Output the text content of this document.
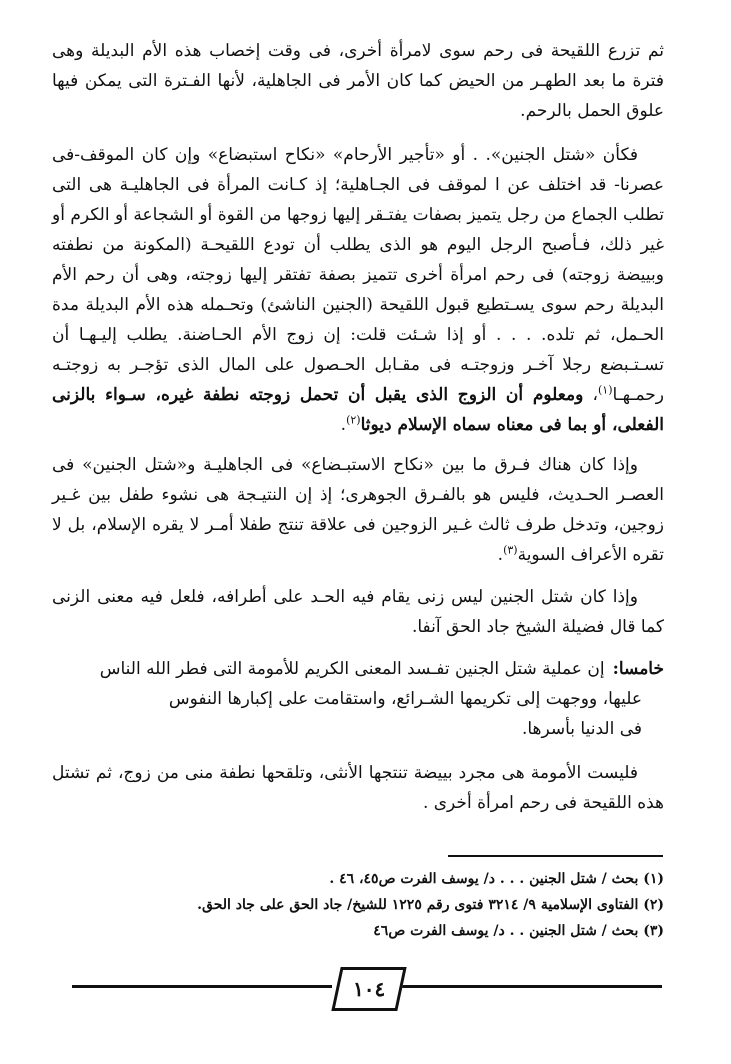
ثم تزرع اللقيحة فى رحم سوى لامرأة أخرى، فى وقت إخصاب هذه الأم البديلة وهى فترة ما بعد الطهـر من الحيض كما كان الأمر فى الجاهلية، لأنها الفـترة التى يمكن فيها علوق الحمل بالرحم.

فكأن «شتل الجنين». . أو «تأجير الأرحام» «نكاح استبضاع» وإن كان الموقف-فى عصرنا- قد اختلف عن ا لموقف فى الجـاهلية؛ إذ كـانت المرأة فى الجاهليـة هى التى تطلب الجماع من رجل يتميز بصفات يفتـقر إليها زوجها من القوة أو الشجاعة أو الكرم أو غير ذلك، فـأصبح الرجل اليوم هو الذى يطلب أن تودع اللقيحـة (المكونة من نطفته وبييضة زوجته) فى رحم امرأة أخرى تتميز بصفة تفتقر إليها زوجته، وهى أن رحم الأم البديلة رحم سوى يسـتطيع قبول اللقيحة (الجنين الناشئ) وتحـمله هذه الأم البديلة مدة الحـمل، ثم تلده. . . . أو إذا شـئت قلت: إن زوج الأم الحـاضنة. يطلب إليـهـا أن تسـتـبضع رجلا آخـر وزوجتـه فى مقـابل الحـصول على المال الذى تؤجـر به زوجتـه رحمـهـا$^{(١)}$، ومعلوم أن الزوج الذى يقبل أن تحمل زوجته نطفة غيره، سـواء بالزنى الفعلى، أو بما فى معناه سماه الإسلام ديوثا$^{(٢)}$.

وإذا كان هناك فـرق ما بين «نكاح الاستبـضاع» فى الجاهليـة و«شتل الجنين» فى العصـر الحـديث، فليس هو بالفـرق الجوهرى؛ إذ إن النتيـجة هى نشوء طفل بين غـير زوجين، وتدخل طرف ثالث غـير الزوجين فى علاقة تنتج طفلا أمـر لا يقره الإسلام، بل لا تقره الأعراف السوية$^{(٣)}$.

وإذا كان شتل الجنين ليس زنى يقام فيه الحـد على أطرافه، فلعل فيه معنى الزنى كما قال فضيلة الشيخ جاد الحق آنفا.

خامسا:إن عملية شتل الجنين تفـسد المعنى الكريم للأمومة التى فطر الله الناس
عليها، ووجهت إلى تكريمها الشـرائع، واستقامت على إكبارها النفوس
فى الدنيا بأسرها.

فليست الأمومة هى مجرد بييضة تنتجها الأنثى، وتلقحها نطفة منى من زوج، ثم تشتل هذه اللقيحة فى رحم امرأة أخرى .

(١) بحث / شتل الجنين . . . د/ يوسف الفرت ص٤٥، ٤٦ .
(٢) الفتاوى الإسلامية ٩/ ٣٢١٤ فتوى رقم ١٢٢٥ للشيخ/ جاد الحق على جاد الحق.
(٣) بحث / شتل الجنين . . د/ يوسف الفرت ص٤٦
١٠٤
